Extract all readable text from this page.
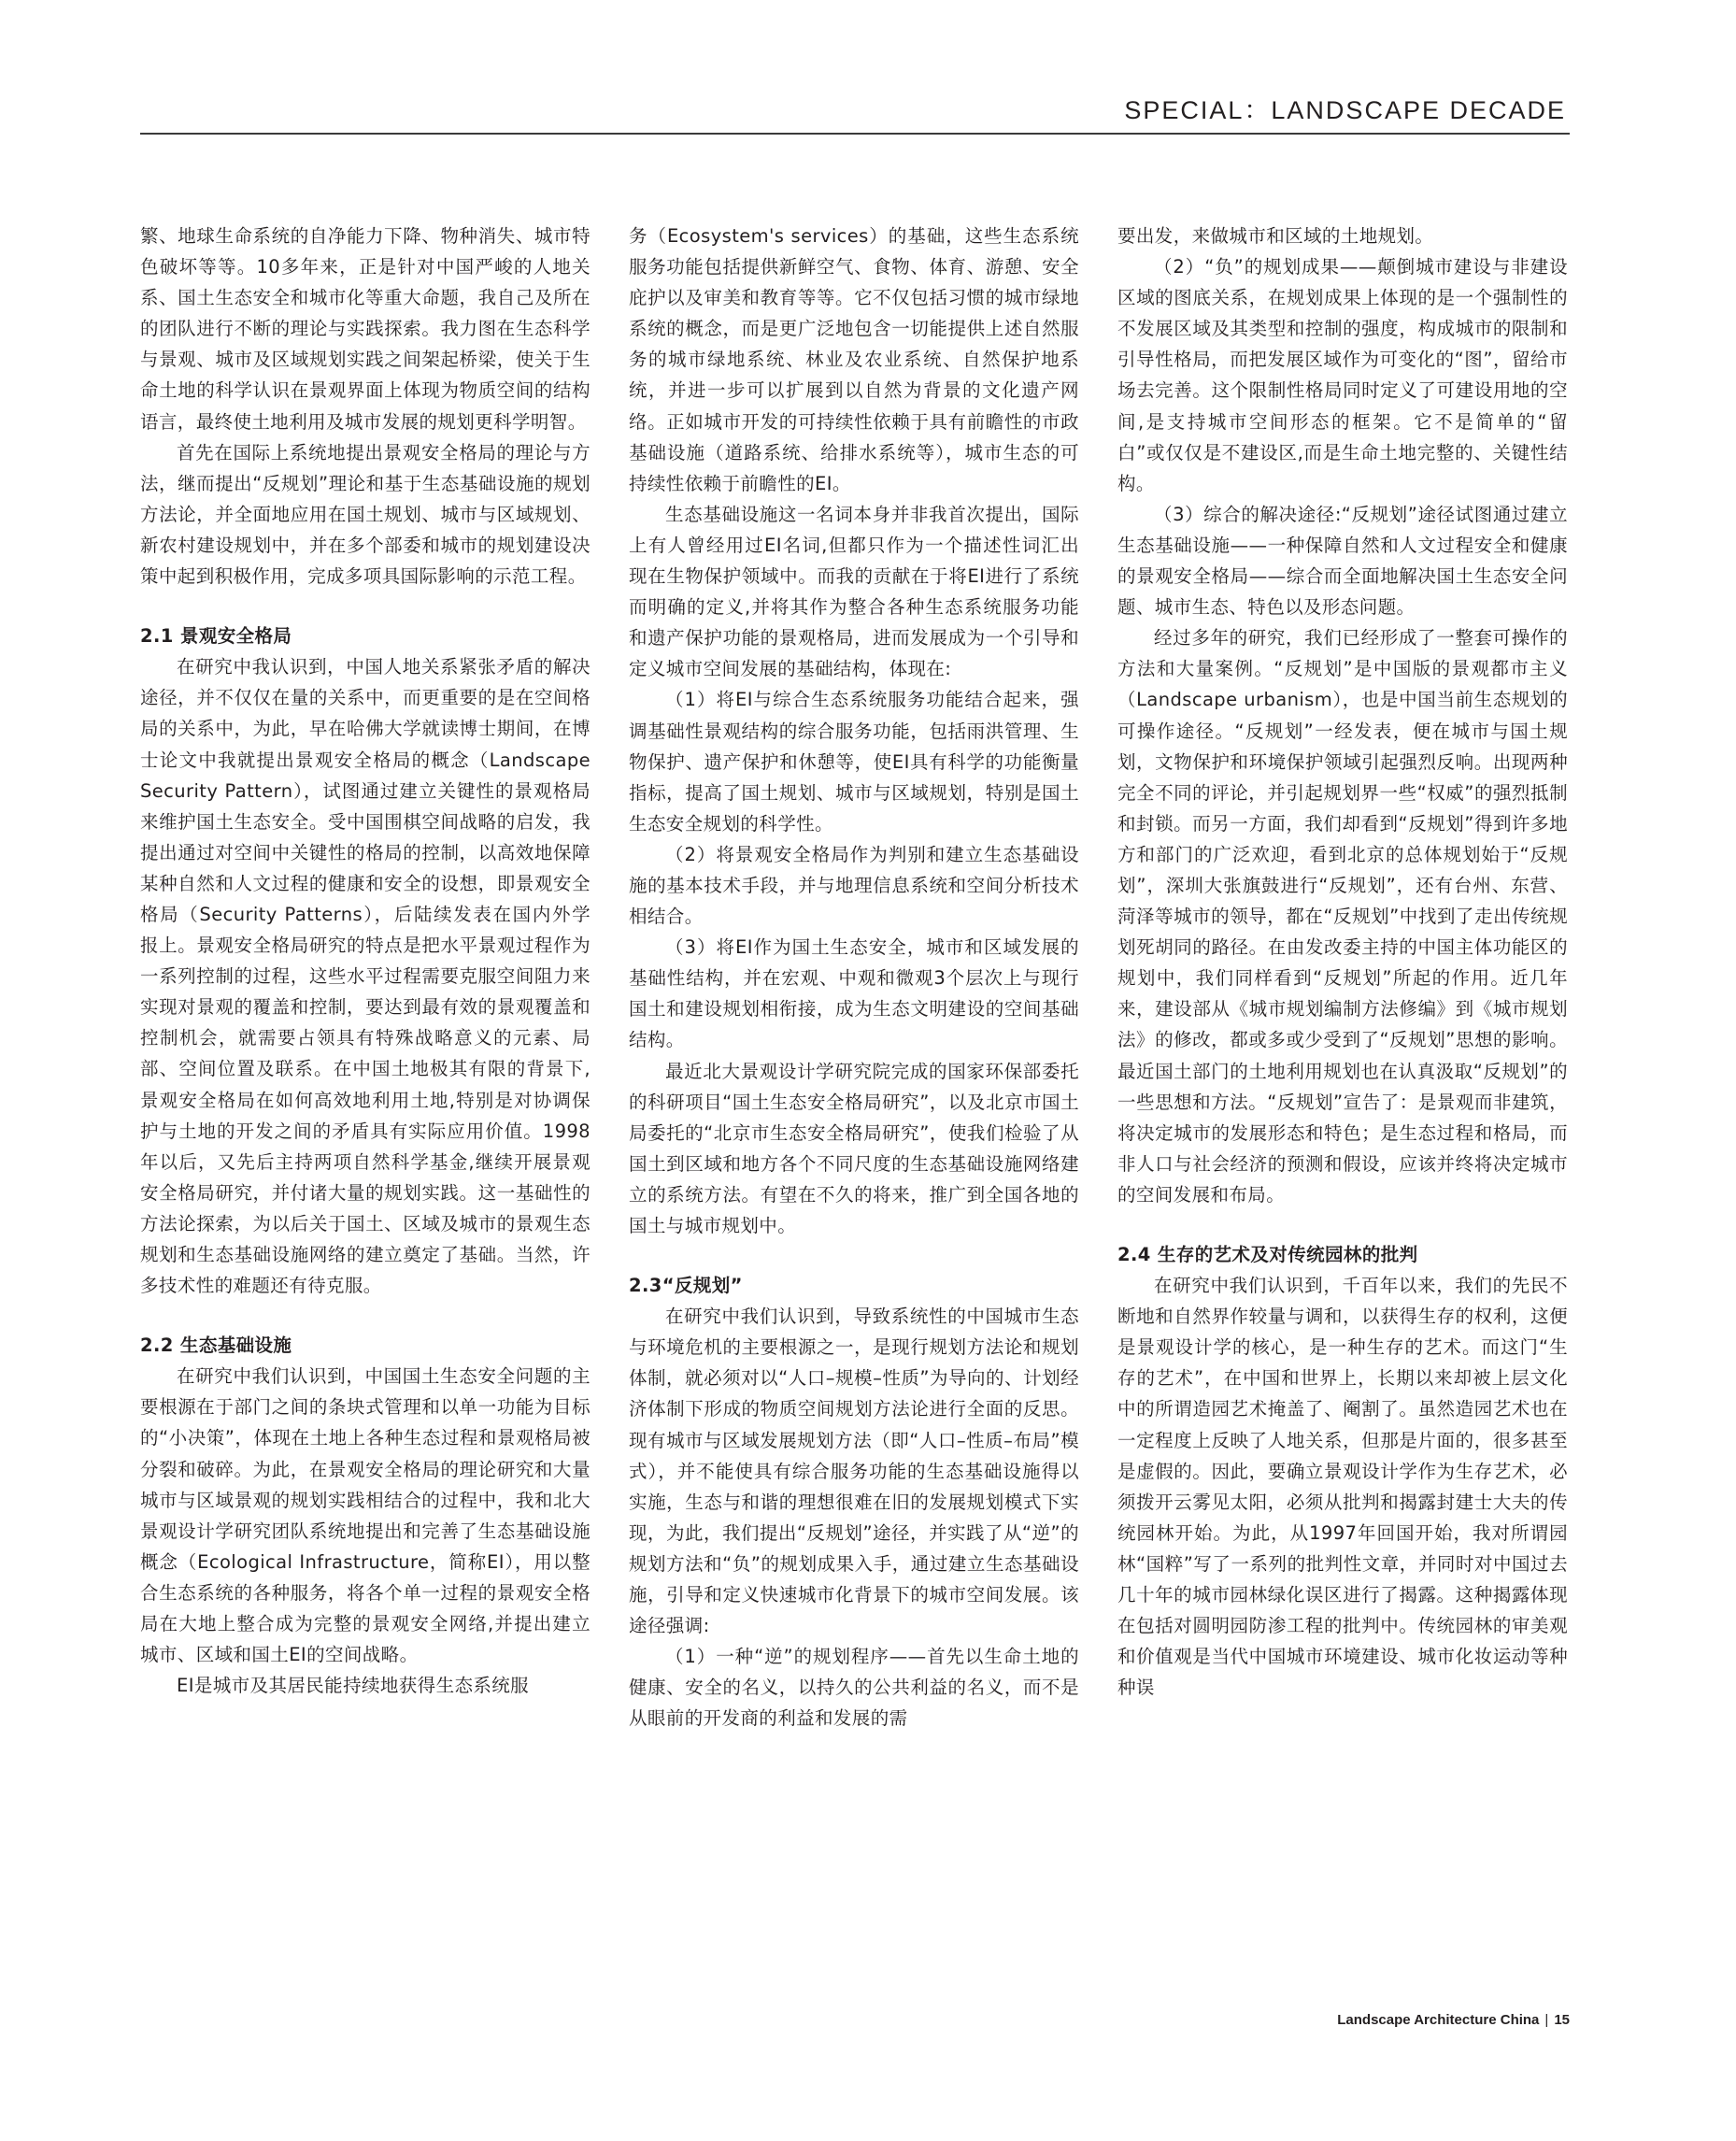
SPECIAL：LANDSCAPE DECADE

繁、地球生命系统的自净能力下降、物种消失、城市特色破坏等等。10多年来，正是针对中国严峻的人地关系、国土生态安全和城市化等重大命题，我自己及所在的团队进行不断的理论与实践探索。我力图在生态科学与景观、城市及区域规划实践之间架起桥梁，使关于生命土地的科学认识在景观界面上体现为物质空间的结构语言，最终使土地利用及城市发展的规划更科学明智。

首先在国际上系统地提出景观安全格局的理论与方法，继而提出“反规划”理论和基于生态基础设施的规划方法论，并全面地应用在国土规划、城市与区域规划、新农村建设规划中，并在多个部委和城市的规划建设决策中起到积极作用，完成多项具国际影响的示范工程。

2.1 景观安全格局

在研究中我认识到，中国人地关系紧张矛盾的解决途径，并不仅仅在量的关系中，而更重要的是在空间格局的关系中，为此，早在哈佛大学就读博士期间，在博士论文中我就提出景观安全格局的概念（Landscape Security Pattern），试图通过建立关键性的景观格局来维护国土生态安全。受中国围棋空间战略的启发，我提出通过对空间中关键性的格局的控制，以高效地保障某种自然和人文过程的健康和安全的设想，即景观安全格局（Security Patterns），后陆续发表在国内外学报上。景观安全格局研究的特点是把水平景观过程作为一系列控制的过程，这些水平过程需要克服空间阻力来实现对景观的覆盖和控制，要达到最有效的景观覆盖和控制机会，就需要占领具有特殊战略意义的元素、局部、空间位置及联系。在中国土地极其有限的背景下,景观安全格局在如何高效地利用土地,特别是对协调保护与土地的开发之间的矛盾具有实际应用价值。1998年以后，又先后主持两项自然科学基金,继续开展景观安全格局研究，并付诸大量的规划实践。这一基础性的方法论探索，为以后关于国土、区域及城市的景观生态规划和生态基础设施网络的建立奠定了基础。当然，许多技术性的难题还有待克服。

2.2 生态基础设施

在研究中我们认识到，中国国土生态安全问题的主要根源在于部门之间的条块式管理和以单一功能为目标的“小决策”，体现在土地上各种生态过程和景观格局被分裂和破碎。为此，在景观安全格局的理论研究和大量城市与区域景观的规划实践相结合的过程中，我和北大景观设计学研究团队系统地提出和完善了生态基础设施概念（Ecological Infrastructure，简称EI），用以整合生态系统的各种服务，将各个单一过程的景观安全格局在大地上整合成为完整的景观安全网络,并提出建立城市、区域和国土EI的空间战略。

EI是城市及其居民能持续地获得生态系统服

务（Ecosystem's services）的基础，这些生态系统服务功能包括提供新鲜空气、食物、体育、游憩、安全庇护以及审美和教育等等。它不仅包括习惯的城市绿地系统的概念，而是更广泛地包含一切能提供上述自然服务的城市绿地系统、林业及农业系统、自然保护地系统，并进一步可以扩展到以自然为背景的文化遗产网络。正如城市开发的可持续性依赖于具有前瞻性的市政基础设施（道路系统、给排水系统等），城市生态的可持续性依赖于前瞻性的EI。

生态基础设施这一名词本身并非我首次提出，国际上有人曾经用过EI名词,但都只作为一个描述性词汇出现在生物保护领域中。而我的贡献在于将EI进行了系统而明确的定义,并将其作为整合各种生态系统服务功能和遗产保护功能的景观格局，进而发展成为一个引导和定义城市空间发展的基础结构，体现在:

（1）将EI与综合生态系统服务功能结合起来，强调基础性景观结构的综合服务功能，包括雨洪管理、生物保护、遗产保护和休憩等，使EI具有科学的功能衡量指标，提高了国土规划、城市与区域规划，特别是国土生态安全规划的科学性。

（2）将景观安全格局作为判别和建立生态基础设施的基本技术手段，并与地理信息系统和空间分析技术相结合。

（3）将EI作为国土生态安全，城市和区域发展的基础性结构，并在宏观、中观和微观3个层次上与现行国土和建设规划相衔接，成为生态文明建设的空间基础结构。

最近北大景观设计学研究院完成的国家环保部委托的科研项目“国土生态安全格局研究”，以及北京市国土局委托的“北京市生态安全格局研究”，使我们检验了从国土到区域和地方各个不同尺度的生态基础设施网络建立的系统方法。有望在不久的将来，推广到全国各地的国土与城市规划中。

2.3“反规划”

在研究中我们认识到，导致系统性的中国城市生态与环境危机的主要根源之一，是现行规划方法论和规划体制，就必须对以“人口–规模–性质”为导向的、计划经济体制下形成的物质空间规划方法论进行全面的反思。现有城市与区域发展规划方法（即“人口–性质–布局”模式），并不能使具有综合服务功能的生态基础设施得以实施，生态与和谐的理想很难在旧的发展规划模式下实现，为此，我们提出“反规划”途径，并实践了从“逆”的规划方法和“负”的规划成果入手，通过建立生态基础设施，引导和定义快速城市化背景下的城市空间发展。该途径强调:

（1）一种“逆”的规划程序——首先以生命土地的健康、安全的名义，以持久的公共利益的名义，而不是从眼前的开发商的利益和发展的需

要出发，来做城市和区域的土地规划。

（2）“负”的规划成果——颠倒城市建设与非建设区域的图底关系，在规划成果上体现的是一个强制性的不发展区域及其类型和控制的强度，构成城市的限制和引导性格局，而把发展区域作为可变化的“图”，留给市场去完善。这个限制性格局同时定义了可建设用地的空间,是支持城市空间形态的框架。它不是简单的“留白”或仅仅是不建设区,而是生命土地完整的、关键性结构。

（3）综合的解决途径:“反规划”途径试图通过建立生态基础设施——一种保障自然和人文过程安全和健康的景观安全格局——综合而全面地解决国土生态安全问题、城市生态、特色以及形态问题。

经过多年的研究，我们已经形成了一整套可操作的方法和大量案例。“反规划”是中国版的景观都市主义（Landscape urbanism），也是中国当前生态规划的可操作途径。“反规划”一经发表，便在城市与国土规划，文物保护和环境保护领域引起强烈反响。出现两种完全不同的评论，并引起规划界一些“权威”的强烈抵制和封锁。而另一方面，我们却看到“反规划”得到许多地方和部门的广泛欢迎，看到北京的总体规划始于“反规划”，深圳大张旗鼓进行“反规划”，还有台州、东营、菏泽等城市的领导，都在“反规划”中找到了走出传统规划死胡同的路径。在由发改委主持的中国主体功能区的规划中，我们同样看到“反规划”所起的作用。近几年来，建设部从《城市规划编制方法修编》到《城市规划法》的修改，都或多或少受到了“反规划”思想的影响。最近国土部门的土地利用规划也在认真汲取“反规划”的一些思想和方法。“反规划”宣告了：是景观而非建筑，将决定城市的发展形态和特色；是生态过程和格局，而非人口与社会经济的预测和假设，应该并终将决定城市的空间发展和布局。

2.4 生存的艺术及对传统园林的批判

在研究中我们认识到，千百年以来，我们的先民不断地和自然界作较量与调和，以获得生存的权利，这便是景观设计学的核心，是一种生存的艺术。而这门“生存的艺术”，在中国和世界上，长期以来却被上层文化中的所谓造园艺术掩盖了、阉割了。虽然造园艺术也在一定程度上反映了人地关系，但那是片面的，很多甚至是虚假的。因此，要确立景观设计学作为生存艺术，必须拨开云雾见太阳，必须从批判和揭露封建士大夫的传统园林开始。为此，从1997年回国开始，我对所谓园林“国粹”写了一系列的批判性文章，并同时对中国过去几十年的城市园林绿化误区进行了揭露。这种揭露体现在包括对圆明园防渗工程的批判中。传统园林的审美观和价值观是当代中国城市环境建设、城市化妆运动等种种误

Landscape Architecture China | 15
